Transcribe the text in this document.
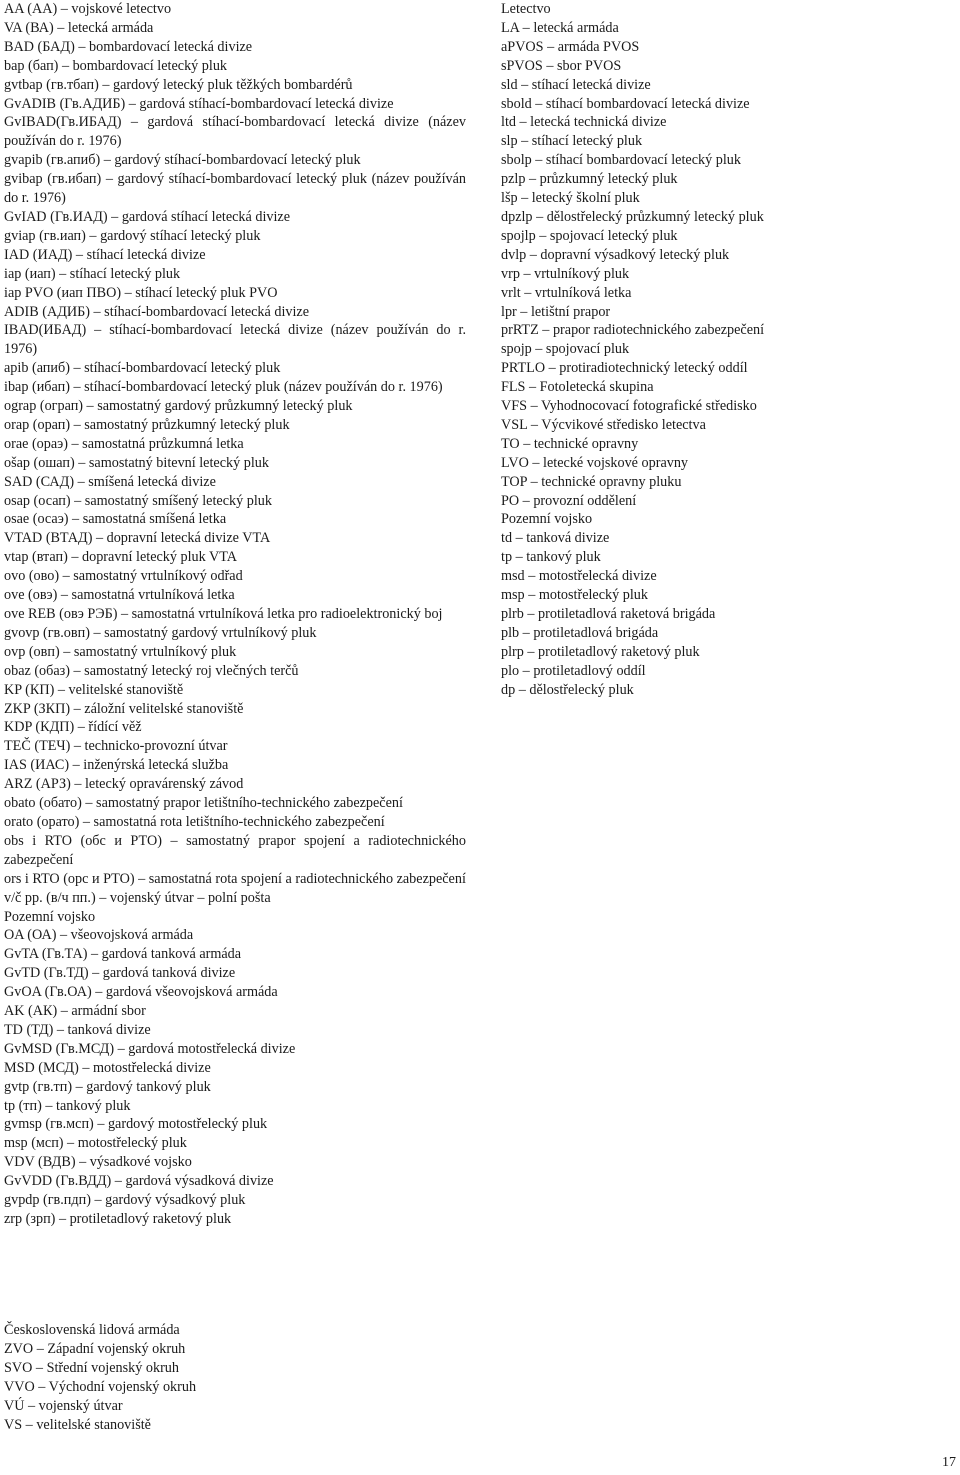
AA (АА) – vojskové letectvo

VA (ВА) – letecká armáda

BAD (БАД) – bombardovací letecká divize

bap (бап) – bombardovací letecký pluk

gvtbap (гв.тбап) – gardový letecký pluk těžkých bombardérů

GvADIB (Гв.АДИБ) – gardová stíhací-bombardovací letecká divize

GvIBAD(Гв.ИБАД) – gardová stíhací-bombardovací letecká divize (název používán do r. 1976)

gvapib (гв.апиб) – gardový stíhací-bombardovací letecký pluk

gvibap (гв.ибап) – gardový stíhací-bombardovací letecký pluk (název používán do r. 1976)

GvIAD (Гв.ИАД) – gardová stíhací letecká divize

gviap (гв.иап) – gardový stíhací letecký pluk

IAD (ИАД) – stíhací letecká divize

iap (иап) – stíhací letecký pluk

iap PVO (иап ПВО) – stíhací letecký pluk PVO

ADIB (АДИБ) – stíhací-bombardovací letecká divize

IBAD(ИБАД) – stíhací-bombardovací letecká divize (název používán do r. 1976)

apib (апиб) – stíhací-bombardovací letecký pluk

ibap (ибап) – stíhací-bombardovací letecký pluk (název používán do r. 1976)

ograp (ограп) – samostatný gardový průzkumný letecký pluk

orap (орап) – samostatný průzkumný letecký pluk

orae (ораэ) – samostatná průzkumná letka

ošap (ошап) – samostatný bitevní letecký pluk

SAD (САД) – smíšená letecká divize

osap (осап) – samostatný smíšený letecký pluk

osae (осаэ) – samostatná smíšená letka

VTAD (ВТАД) – dopravní letecká divize VTA

vtap (втап) – dopravní letecký pluk VTA

ovo (ово) – samostatný vrtulníkový odřad

ove (овэ) – samostatná vrtulníková letka

ove REB (овэ РЭБ) – samostatná vrtulníková letka pro radioelektronický boj

gvovp (гв.овп) – samostatný gardový vrtulníkový pluk

ovp (овп) – samostatný vrtulníkový pluk

obaz (обаз) – samostatný letecký roj vlečných terčů

KP (КП) – velitelské stanoviště

ZKP (ЗКП) – záložní velitelské stanoviště

KDP (КДП) – řídící věž

TEČ (ТЕЧ) – technicko-provozní útvar

IAS (ИАС) – inženýrská letecká služba

ARZ (АРЗ) – letecký opravárenský závod

obato (обато) – samostatný prapor letištního-technického zabezpečení

orato (орато) – samostatná rota letištního-technického zabezpečení

obs i RTO (обс и РТО) – samostatný prapor spojení a radiotechnického zabezpečení

ors i RTO (орс и РТО) – samostatná rota spojení a radiotechnického zabezpečení

v/č pp. (в/ч пп.) – vojenský útvar – polní pošta

Pozemní vojsko

OA (ОА) – všeovojsková armáda

GvTA (Гв.ТА) – gardová tanková armáda

GvTD (Гв.ТД) – gardová tanková divize

GvOA (Гв.ОА) – gardová všeovojsková armáda

AK (АК) – armádní sbor

TD (ТД) – tanková divize

GvMSD (Гв.МСД) – gardová motostřelecká divize

MSD (МСД) – motostřelecká divize

gvtp (гв.тп) – gardový tankový pluk

tp (тп) – tankový pluk

gvmsp (гв.мсп) – gardový motostřelecký pluk

msp (мсп) – motostřelecký pluk

VDV (ВДВ) – výsadkové vojsko

GvVDD (Гв.ВДД) – gardová výsadková divize

gvpdp (гв.пдп) – gardový výsadkový pluk

zrp (зрп) – protiletadlový raketový pluk

Letectvo

LA – letecká armáda

aPVOS – armáda PVOS

sPVOS – sbor PVOS

sld – stíhací letecká divize

sbold – stíhací bombardovací letecká divize

ltd – letecká technická divize

slp – stíhací letecký pluk

sbolp – stíhací bombardovací letecký pluk

pzlp – průzkumný letecký pluk

lšp – letecký školní pluk

dpzlp – dělostřelecký průzkumný letecký pluk

spojlp – spojovací letecký pluk

dvlp – dopravní výsadkový letecký pluk

vrp – vrtulníkový pluk

vrlt – vrtulníková letka

lpr – letištní prapor

prRTZ – prapor radiotechnického zabezpečení

spojp – spojovací pluk

PRTLO – protiradiotechnický letecký oddíl

FLS – Fotoletecká skupina

VFS – Vyhodnocovací fotografické středisko

VSL – Výcvikové středisko letectva

TO – technické opravny

LVO – letecké vojskové opravny

TOP – technické opravny pluku

PO – provozní oddělení

Pozemní vojsko

td – tanková divize

tp – tankový pluk

msd – motostřelecká divize

msp – motostřelecký pluk

plrb – protiletadlová raketová brigáda

plb – protiletadlová brigáda

plrp – protiletadlový raketový pluk

plo – protiletadlový oddíl

dp – dělostřelecký pluk

Československá lidová armáda

ZVO – Západní vojenský okruh

SVO – Střední vojenský okruh

VVO – Východní vojenský okruh

VÚ – vojenský útvar

VS – velitelské stanoviště

17
